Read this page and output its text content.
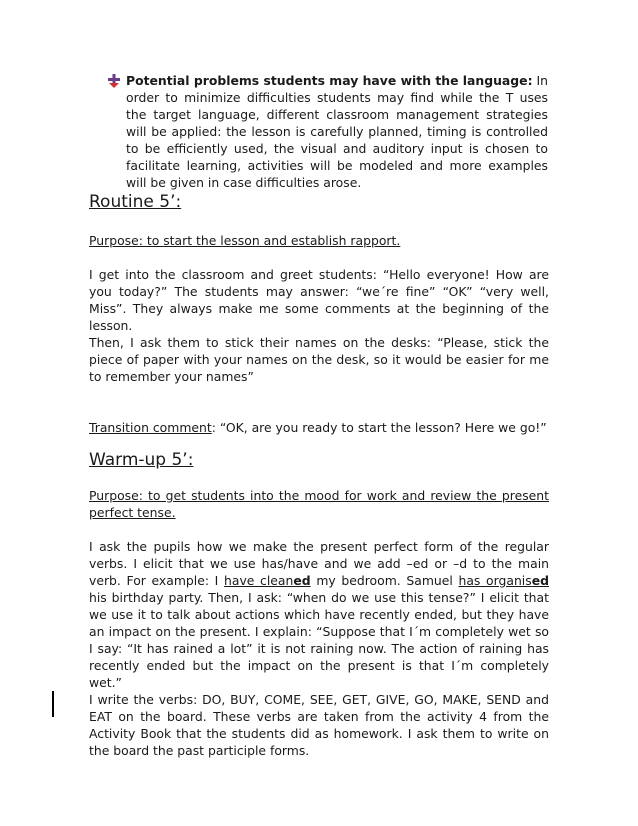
Potential problems students may have with the language: In order to minimize difficulties students may find while the T uses the target language, different classroom management strategies will be applied: the lesson is carefully planned, timing is controlled to be efficiently used, the visual and auditory input is chosen to facilitate learning, activities will be modeled and more examples will be given in case difficulties arose.

Routine 5’:

Purpose: to start the lesson and establish rapport.

I get into the classroom and greet students: “Hello everyone! How are you today?” The students may answer: “we´re fine” “OK” “very well, Miss”. They always make me some comments at the beginning of the lesson.

Then, I ask them to stick their names on the desks: “Please, stick the piece of paper with your names on the desk, so it would be easier for me to remember your names”

Transition comment: “OK, are you ready to start the lesson? Here we go!”

Warm-up 5’:

Purpose: to get students into the mood for work and review the present perfect tense.

I ask the pupils how we make the present perfect form of the regular verbs. I elicit that we use has/have and we add –ed or –d to the main verb. For example: I have cleaned my bedroom. Samuel has organised his birthday party. Then, I ask: “when do we use this tense?” I elicit that we use it to talk about actions which have recently ended, but they have an impact on the present. I explain: “Suppose that I´m completely wet so I say: “It has rained a lot” it is not raining now. The action of raining has recently ended but the impact on the present is that I´m completely wet.”

I write the verbs: DO, BUY, COME, SEE, GET, GIVE, GO, MAKE, SEND and EAT on the board. These verbs are taken from the activity 4 from the Activity Book that the students did as homework. I ask them to write on the board the past participle forms.
